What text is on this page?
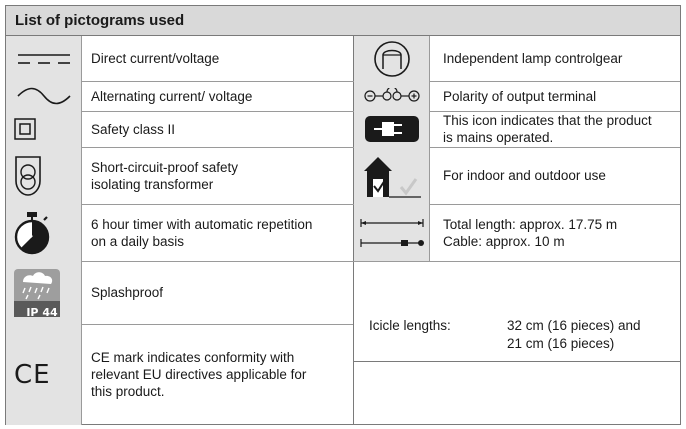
List of pictograms used
Direct current/voltage
Alternating current/ voltage
Safety class II
Short-circuit-proof safety
isolating transformer
6 hour timer with automatic repetition
on a daily basis
IP 44
Splashproof
CE
CE mark indicates conformity with
relevant EU directives applicable for
this product.
Independent lamp controlgear
Polarity of output terminal
This icon indicates that the product
is mains operated.
For indoor and outdoor use
Total length: approx. 17.75 m
Cable: approx. 10 m
Icicle lengths:	32 cm (16 pieces) and
21 cm (16 pieces)
